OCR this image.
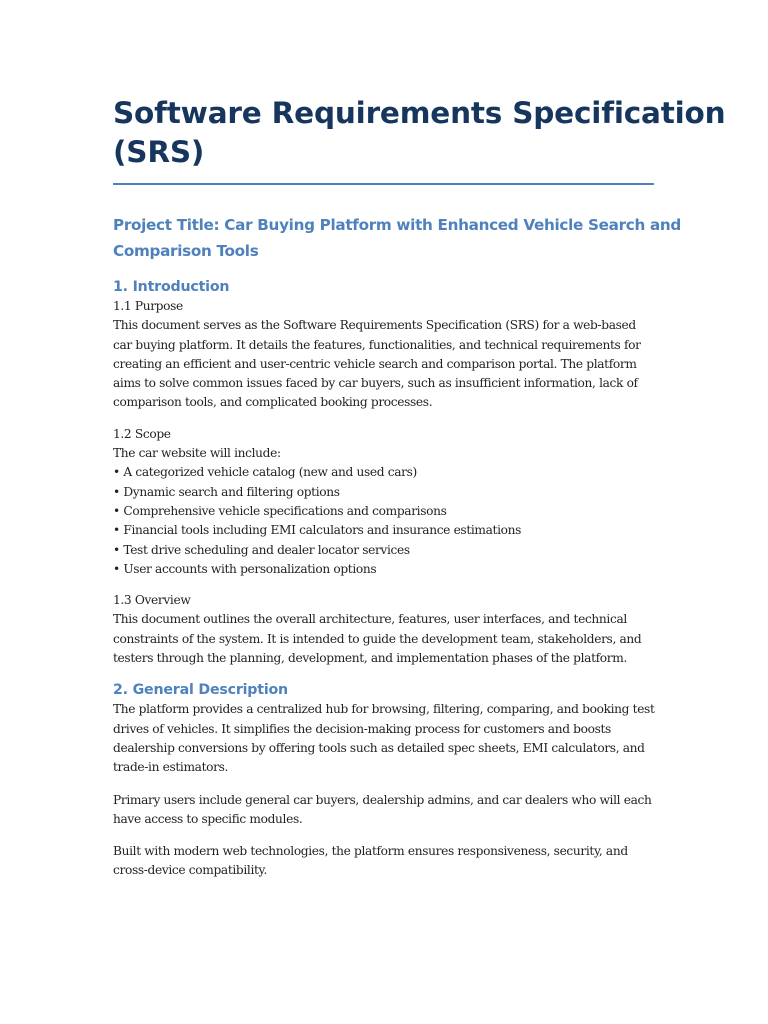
Software Requirements Specification
(SRS)
Project Title: Car Buying Platform with Enhanced Vehicle Search and
Comparison Tools
1. Introduction
1.1 Purpose
This document serves as the Software Requirements Specification (SRS) for a web-based
car buying platform. It details the features, functionalities, and technical requirements for
creating an efficient and user-centric vehicle search and comparison portal. The platform
aims to solve common issues faced by car buyers, such as insufficient information, lack of
comparison tools, and complicated booking processes.
1.2 Scope
The car website will include:
• A categorized vehicle catalog (new and used cars)
• Dynamic search and filtering options
• Comprehensive vehicle specifications and comparisons
• Financial tools including EMI calculators and insurance estimations
• Test drive scheduling and dealer locator services
• User accounts with personalization options
1.3 Overview
This document outlines the overall architecture, features, user interfaces, and technical
constraints of the system. It is intended to guide the development team, stakeholders, and
testers through the planning, development, and implementation phases of the platform.
2. General Description
The platform provides a centralized hub for browsing, filtering, comparing, and booking test
drives of vehicles. It simplifies the decision-making process for customers and boosts
dealership conversions by offering tools such as detailed spec sheets, EMI calculators, and
trade-in estimators.
Primary users include general car buyers, dealership admins, and car dealers who will each
have access to specific modules.
Built with modern web technologies, the platform ensures responsiveness, security, and
cross-device compatibility.
